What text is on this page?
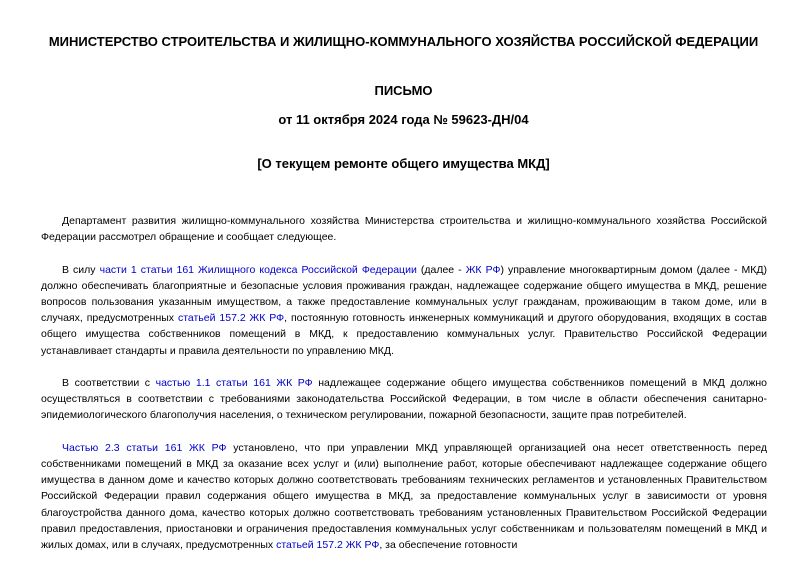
МИНИСТЕРСТВО СТРОИТЕЛЬСТВА И ЖИЛИЩНО-КОММУНАЛЬНОГО ХОЗЯЙСТВА РОССИЙСКОЙ ФЕДЕРАЦИИ
ПИСЬМО
от 11 октября 2024 года № 59623-ДН/04
[О текущем ремонте общего имущества МКД]

Департамент развития жилищно-коммунального хозяйства Министерства строительства и жилищно-коммунального хозяйства Российской Федерации рассмотрел обращение и сообщает следующее.

В силу части 1 статьи 161 Жилищного кодекса Российской Федерации (далее - ЖК РФ) управление многоквартирным домом (далее - МКД) должно обеспечивать благоприятные и безопасные условия проживания граждан, надлежащее содержание общего имущества в МКД, решение вопросов пользования указанным имуществом, а также предоставление коммунальных услуг гражданам, проживающим в таком доме, или в случаях, предусмотренных статьей 157.2 ЖК РФ, постоянную готовность инженерных коммуникаций и другого оборудования, входящих в состав общего имущества собственников помещений в МКД, к предоставлению коммунальных услуг. Правительство Российской Федерации устанавливает стандарты и правила деятельности по управлению МКД.

В соответствии с частью 1.1 статьи 161 ЖК РФ надлежащее содержание общего имущества собственников помещений в МКД должно осуществляться в соответствии с требованиями законодательства Российской Федерации, в том числе в области обеспечения санитарно-эпидемиологического благополучия населения, о техническом регулировании, пожарной безопасности, защите прав потребителей.

Частью 2.3 статьи 161 ЖК РФ установлено, что при управлении МКД управляющей организацией она несет ответственность перед собственниками помещений в МКД за оказание всех услуг и (или) выполнение работ, которые обеспечивают надлежащее содержание общего имущества в данном доме и качество которых должно соответствовать требованиям технических регламентов и установленных Правительством Российской Федерации правил содержания общего имущества в МКД, за предоставление коммунальных услуг в зависимости от уровня благоустройства данного дома, качество которых должно соответствовать требованиям установленных Правительством Российской Федерации правил предоставления, приостановки и ограничения предоставления коммунальных услуг собственникам и пользователям помещений в МКД и жилых домах, или в случаях, предусмотренных статьей 157.2 ЖК РФ, за обеспечение готовности
